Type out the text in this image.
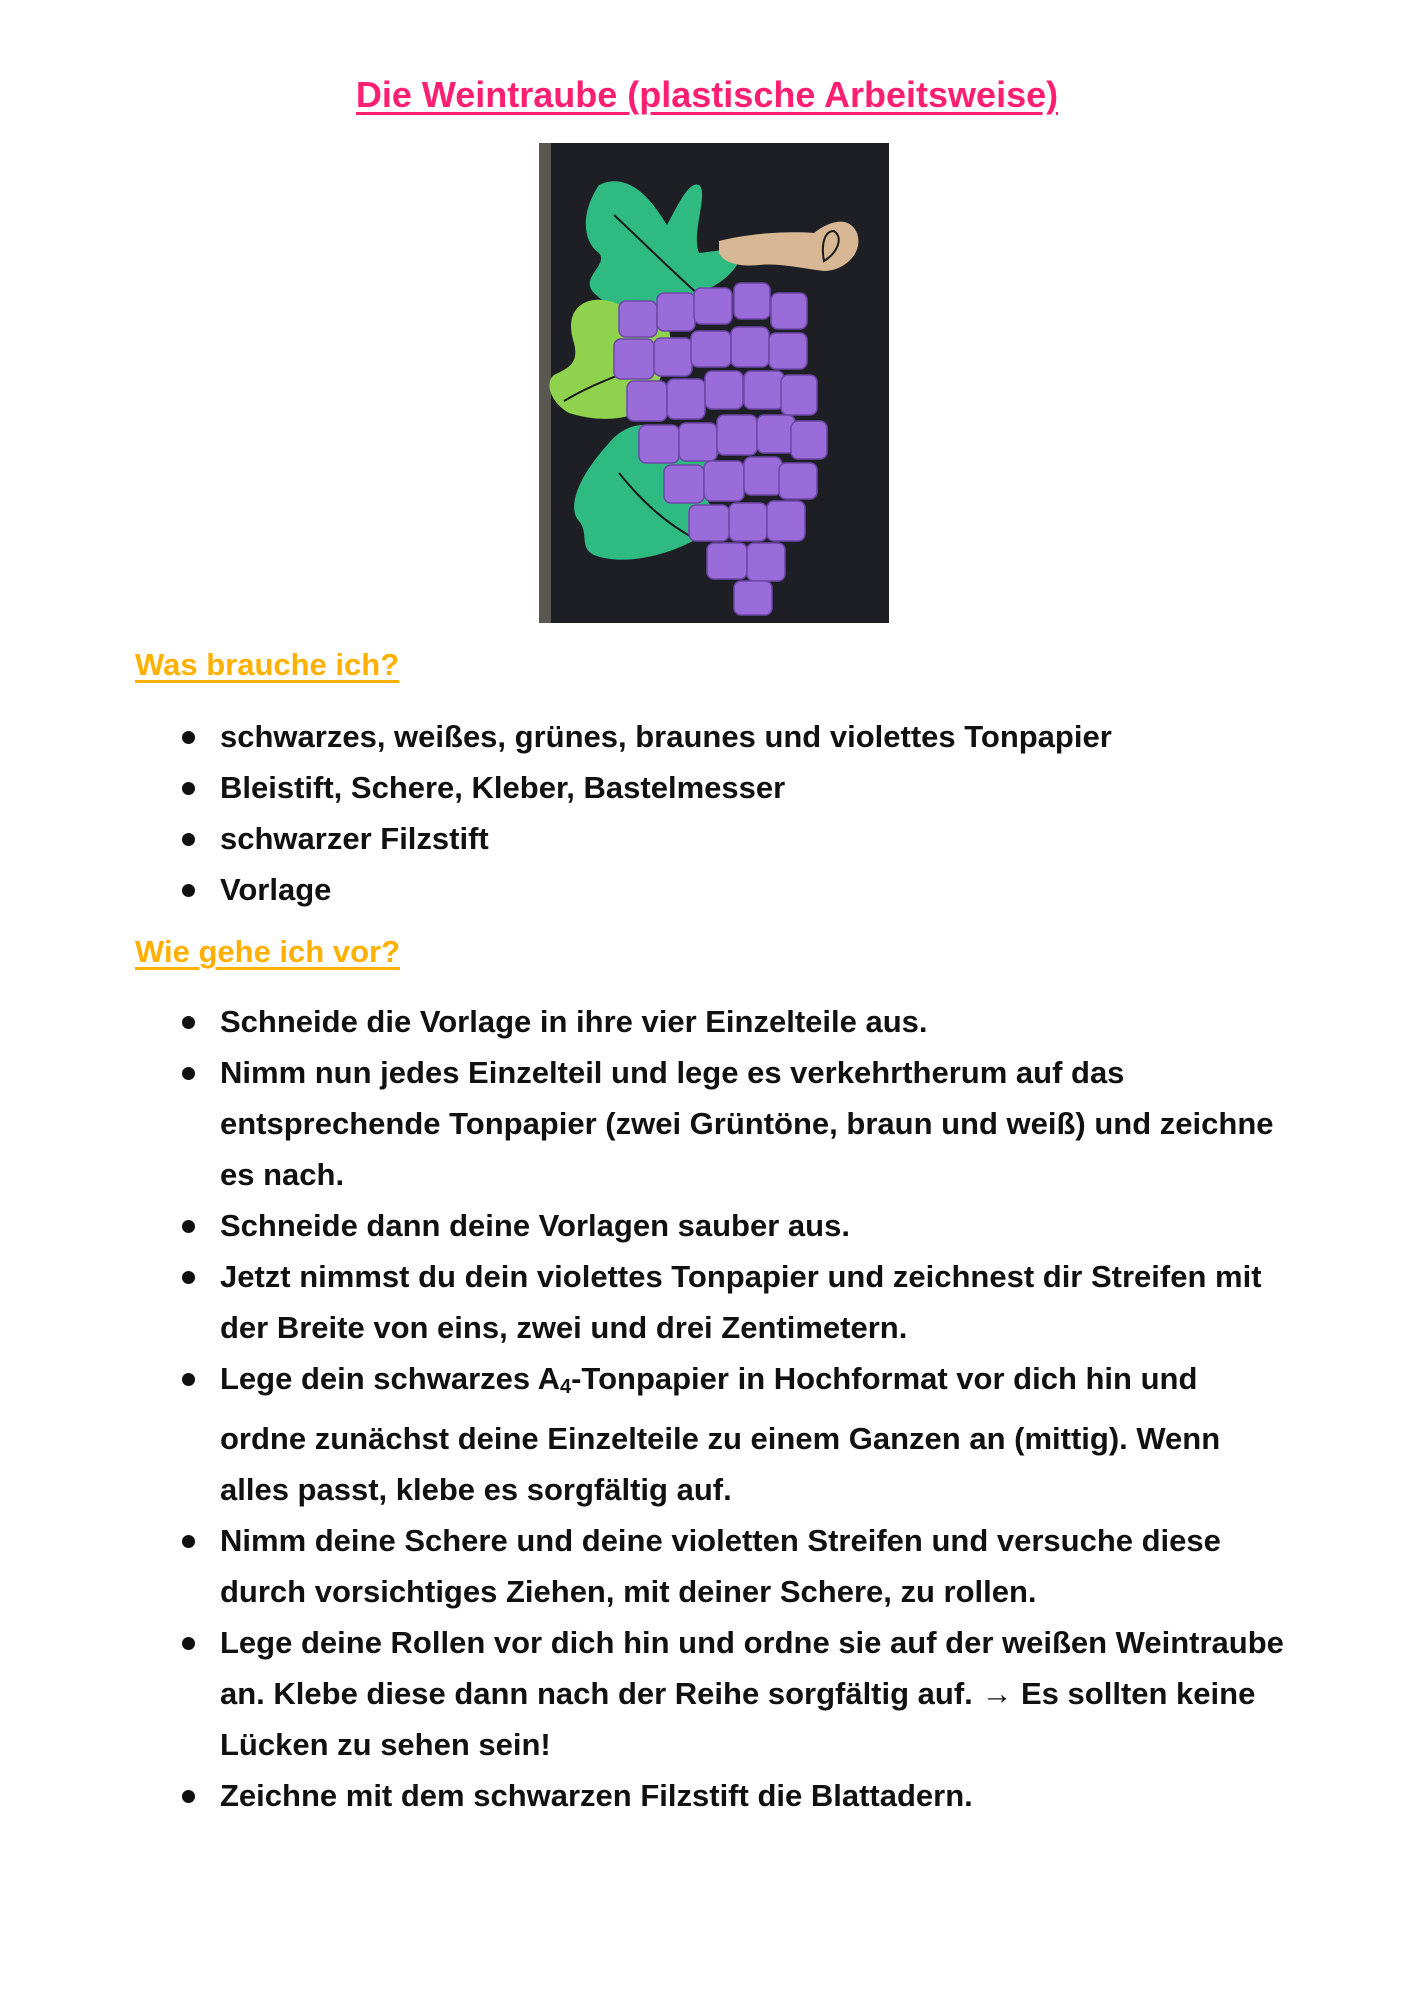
Die Weintraube (plastische Arbeitsweise)
Was brauche ich?
schwarzes, weißes, grünes, braunes und violettes Tonpapier
Bleistift, Schere, Kleber, Bastelmesser
schwarzer Filzstift
Vorlage
Wie gehe ich vor?
Schneide die Vorlage in ihre vier Einzelteile aus.
Nimm nun jedes Einzelteil und lege es verkehrtherum auf das entsprechende Tonpapier (zwei Grüntöne, braun und weiß) und zeichne es nach.
Schneide dann deine Vorlagen sauber aus.
Jetzt nimmst du dein violettes Tonpapier und zeichnest dir Streifen mit der Breite von eins, zwei und drei Zentimetern.
Lege dein schwarzes $A_4$-Tonpapier in Hochformat vor dich hin und ordne zunächst deine Einzelteile zu einem Ganzen an (mittig). Wenn alles passt, klebe es sorgfältig auf.
Nimm deine Schere und deine violetten Streifen und versuche diese durch vorsichtiges Ziehen, mit deiner Schere, zu rollen.
Lege deine Rollen vor dich hin und ordne sie auf der weißen Weintraube an. Klebe diese dann nach der Reihe sorgfältig auf. → Es sollten keine Lücken zu sehen sein!
Zeichne mit dem schwarzen Filzstift die Blattadern.
